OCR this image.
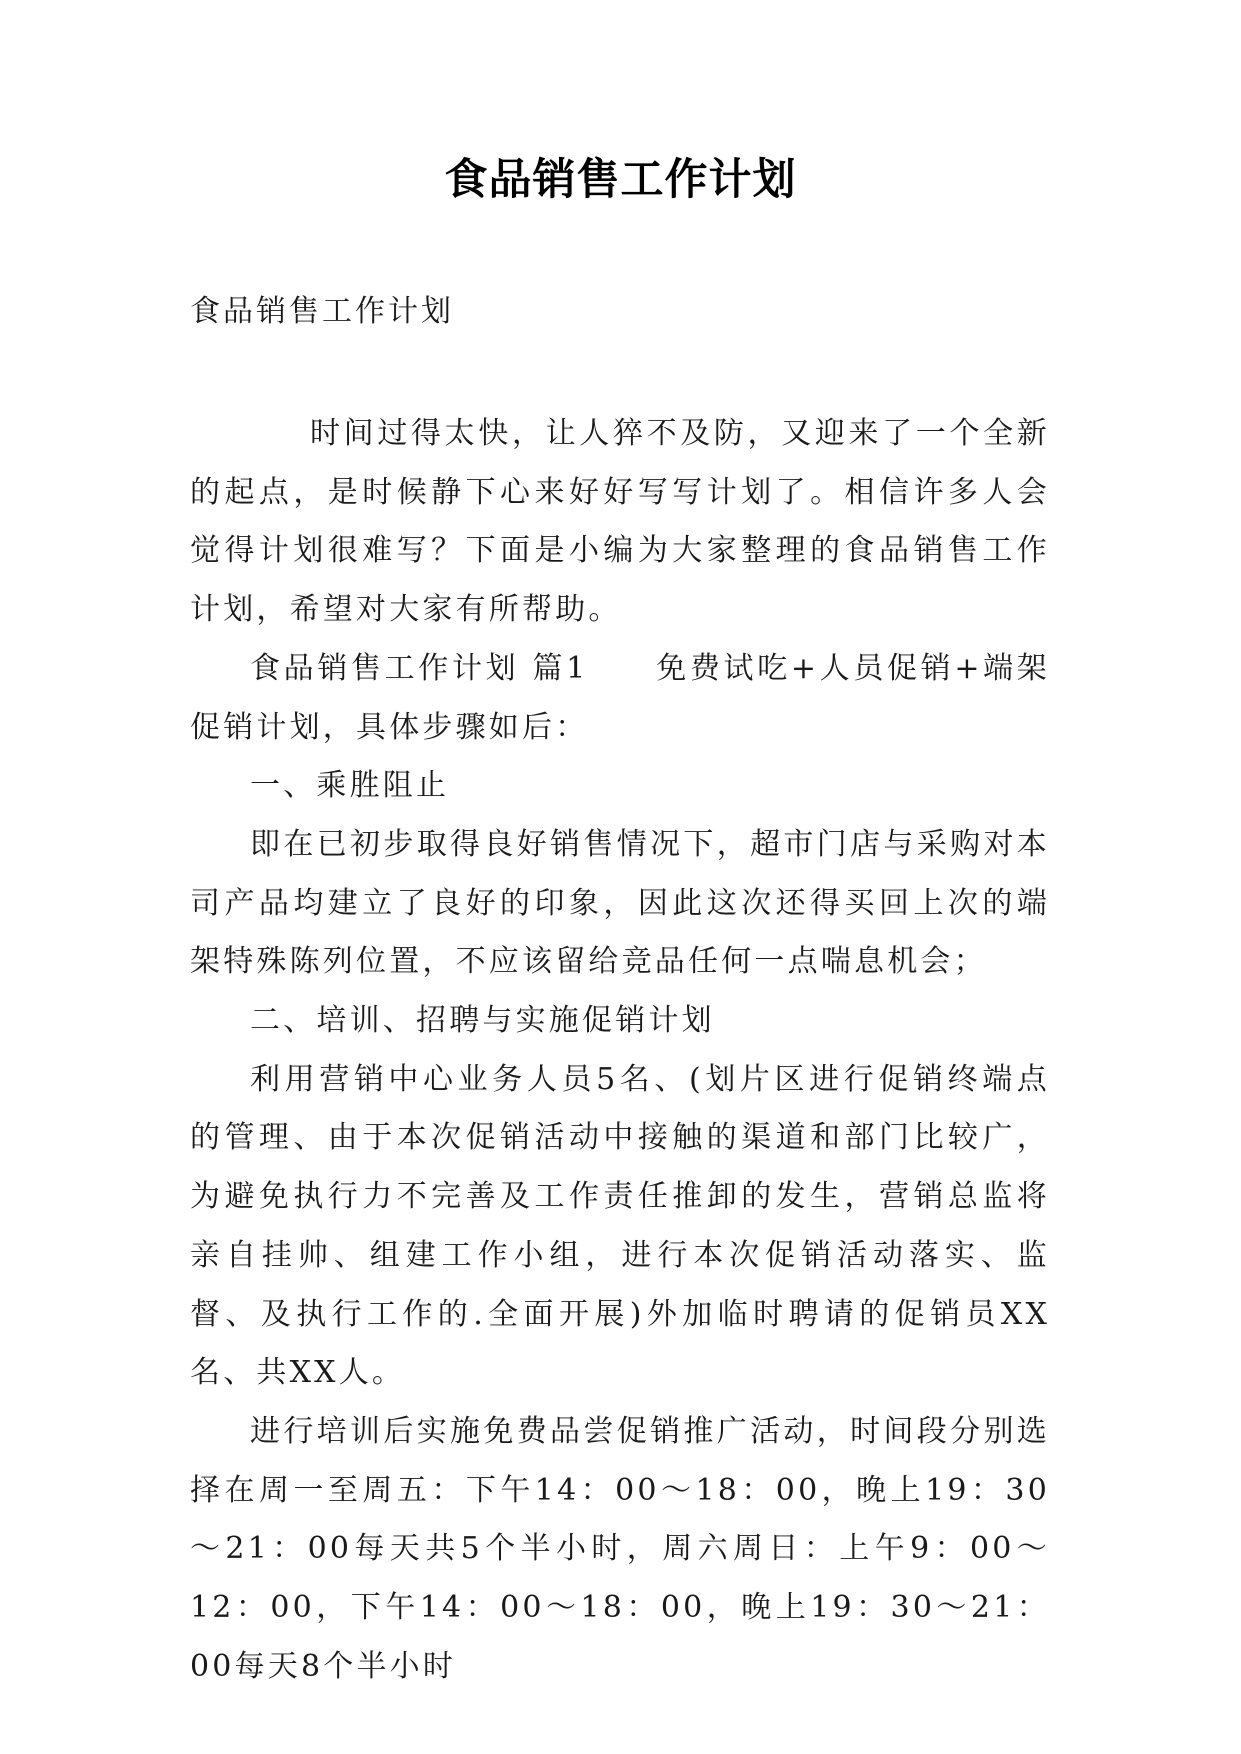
食品销售工作计划
食品销售工作计划

时间过得太快，让人猝不及防，又迎来了一个全新的起点，是时候静下心来好好写写计划了。相信许多人会觉得计划很难写？下面是小编为大家整理的食品销售工作计划，希望对大家有所帮助。

食品销售工作计划 篇1　　免费试吃+人员促销+端架促销计划，具体步骤如后：

一、乘胜阻止

即在已初步取得良好销售情况下，超市门店与采购对本司产品均建立了良好的印象，因此这次还得买回上次的端架特殊陈列位置，不应该留给竞品任何一点喘息机会；

二、培训、招聘与实施促销计划

利用营销中心业务人员5名、(划片区进行促销终端点的管理、由于本次促销活动中接触的渠道和部门比较广，为避免执行力不完善及工作责任推卸的发生，营销总监将亲自挂帅、组建工作小组，进行本次促销活动落实、监督、及执行工作的.全面开展)外加临时聘请的促销员XX名、共XX人。

进行培训后实施免费品尝促销推广活动，时间段分别选择在周一至周五：下午14：00～18：00，晚上19：30～21：00每天共5个半小时，周六周日：上午9：00～12：00，下午14：00～18：00，晚上19：30～21：00每天8个半小时
